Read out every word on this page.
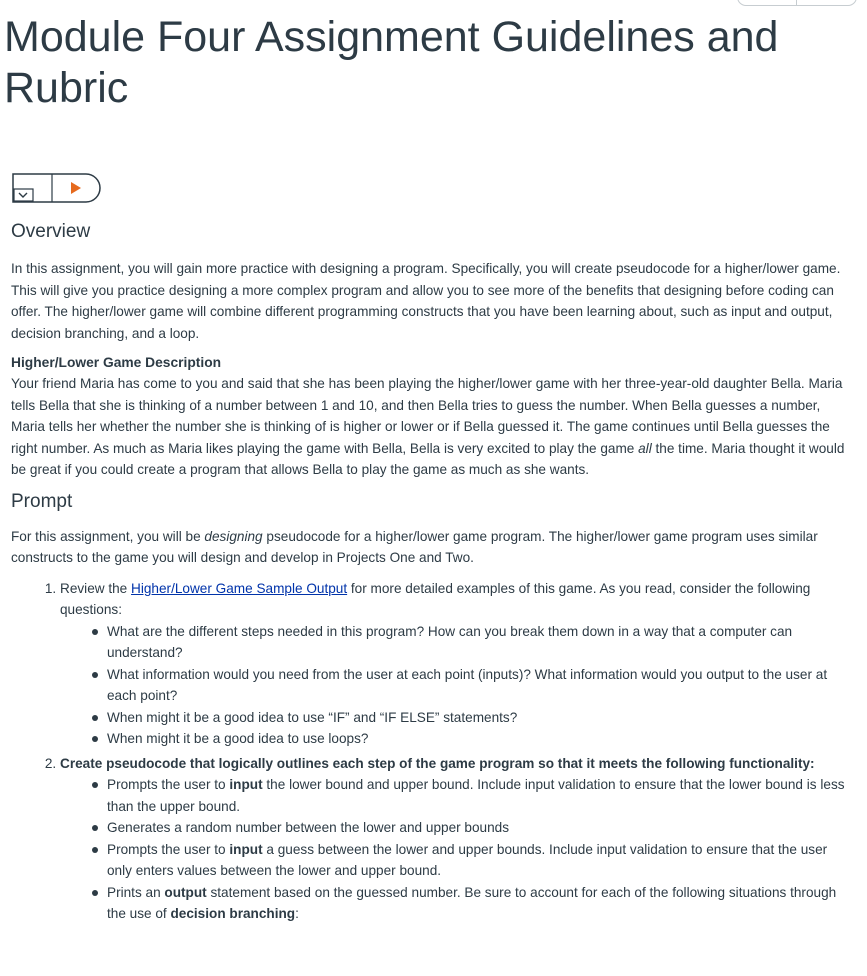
Module Four Assignment Guidelines and Rubric
Overview

In this assignment, you will gain more practice with designing a program. Specifically, you will create pseudocode for a higher/lower game. This will give you practice designing a more complex program and allow you to see more of the benefits that designing before coding can offer. The higher/lower game will combine different programming constructs that you have been learning about, such as input and output, decision branching, and a loop.

Higher/Lower Game Description

Your friend Maria has come to you and said that she has been playing the higher/lower game with her three-year-old daughter Bella. Maria tells Bella that she is thinking of a number between 1 and 10, and then Bella tries to guess the number. When Bella guesses a number, Maria tells her whether the number she is thinking of is higher or lower or if Bella guessed it. The game continues until Bella guesses the right number. As much as Maria likes playing the game with Bella, Bella is very excited to play the game all the time. Maria thought it would be great if you could create a program that allows Bella to play the game as much as she wants.

Prompt

For this assignment, you will be designing pseudocode for a higher/lower game program. The higher/lower game program uses similar constructs to the game you will design and develop in Projects One and Two.

1. Review the Higher/Lower Game Sample Output for more detailed examples of this game. As you read, consider the following questions:
What are the different steps needed in this program? How can you break them down in a way that a computer can understand?
What information would you need from the user at each point (inputs)? What information would you output to the user at each point?
When might it be a good idea to use “IF” and “IF ELSE” statements?
When might it be a good idea to use loops?
2. Create pseudocode that logically outlines each step of the game program so that it meets the following functionality:
Prompts the user to input the lower bound and upper bound. Include input validation to ensure that the lower bound is less than the upper bound.
Generates a random number between the lower and upper bounds
Prompts the user to input a guess between the lower and upper bounds. Include input validation to ensure that the user only enters values between the lower and upper bound.
Prints an output statement based on the guessed number. Be sure to account for each of the following situations through the use of decision branching:
